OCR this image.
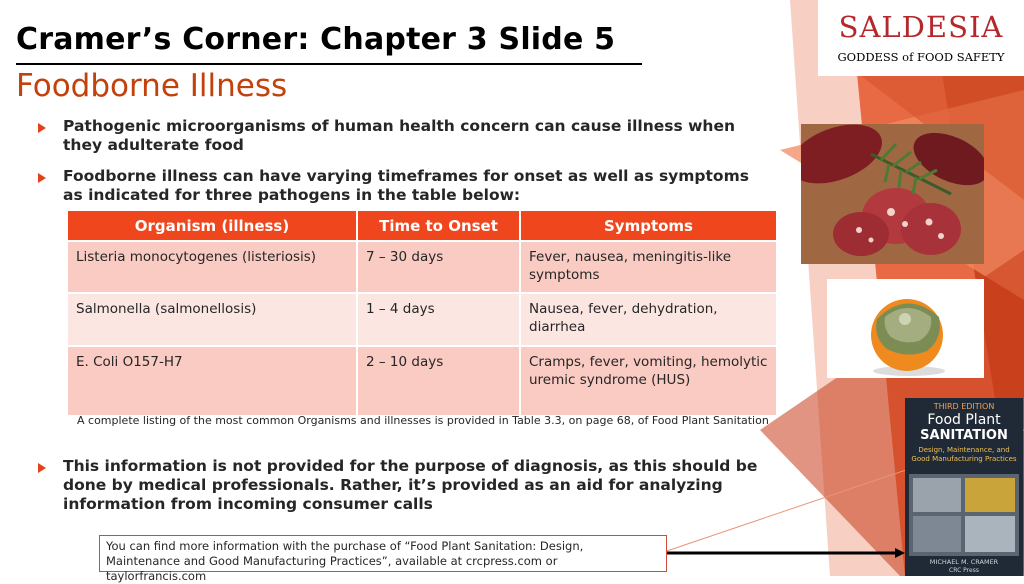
Cramer’s Corner: Chapter 3 Slide 5
Foodborne Illness
Pathogenic microorganisms of human health concern can cause illness when they adulterate food
Foodborne illness can have varying timeframes for onset as well as symptoms as indicated for three pathogens in the table below:
Organism (illness)	Time to Onset	Symptoms
Listeria monocytogenes (listeriosis)	7 – 30 days	Fever, nausea, meningitis-like symptoms
Salmonella (salmonellosis)	1 – 4 days	Nausea, fever, dehydration, diarrhea
E. Coli O157-H7	2 – 10 days	Cramps, fever, vomiting, hemolytic uremic syndrome (HUS)
A complete listing of the most common Organisms and illnesses is provided in Table 3.3, on page 68, of Food Plant Sanitation
This information is not provided for the purpose of diagnosis, as this should be done by medical professionals. Rather, it’s provided as an aid for analyzing information from incoming consumer calls
You can find more information with the purchase of “Food Plant Sanitation: Design, Maintenance and Good Manufacturing Practices”, available at crcpress.com or taylorfrancis.com
SALDESIA
GODDESS of FOOD SAFETY
THIRD EDITION
Food Plant
SANITATION
Design, Maintenance, and Good Manufacturing Practices
MICHAEL M. CRAMER
CRC Press
